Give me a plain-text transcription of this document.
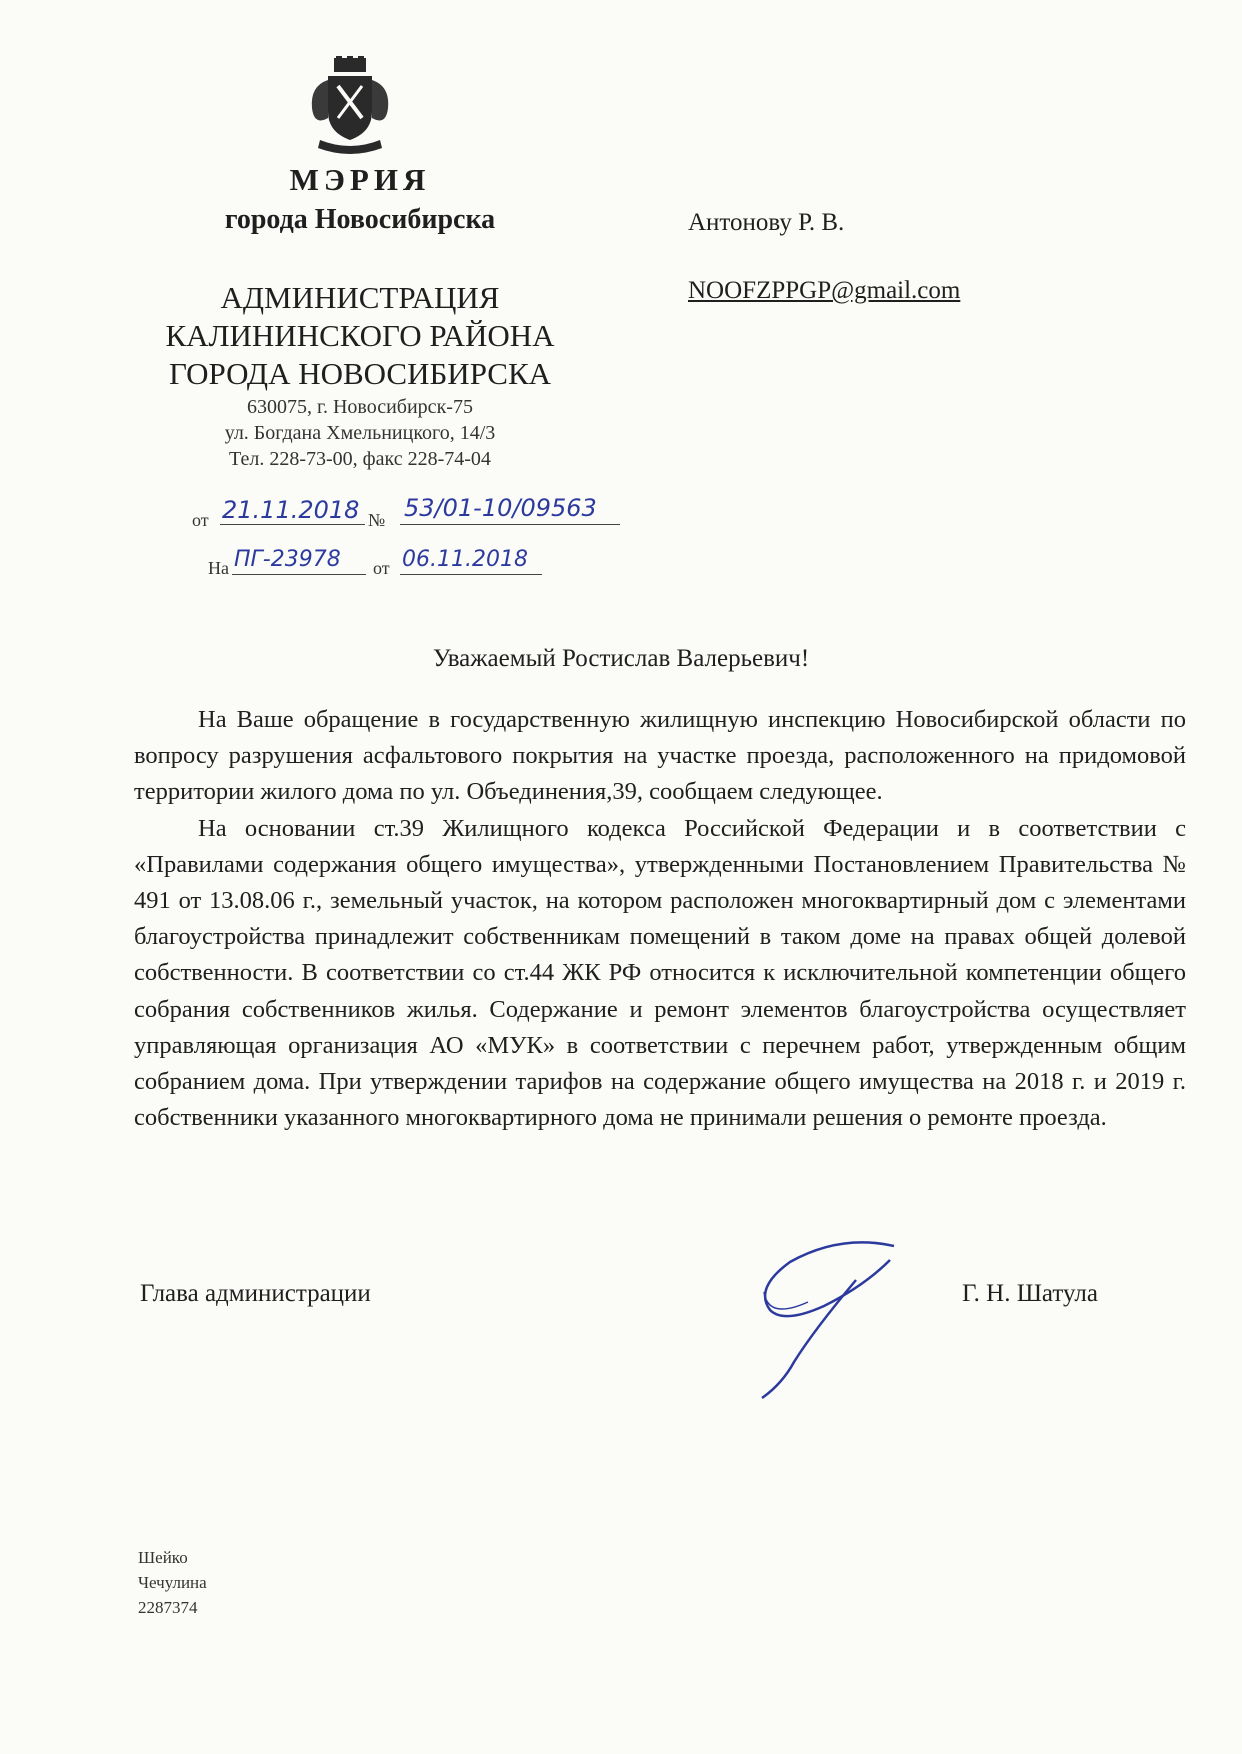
МЭРИЯ
города Новосибирска
АДМИНИСТРАЦИЯ
КАЛИНИНСКОГО РАЙОНА
ГОРОДА НОВОСИБИРСКА
630075, г. Новосибирск-75
ул. Богдана Хмельницкого, 14/3
Тел. 228-73-00, факс 228-74-04
от 21.11.2018 № 53/01-10/09563
На ПГ-23978 от 06.11.2018
Антонову Р. В.
NOOFZPPGP@gmail.com
Уважаемый Ростислав Валерьевич!

На Ваше обращение в государственную жилищную инспекцию Новосибирской области по вопросу разрушения асфальтового покрытия на участке проезда, расположенного на придомовой территории жилого дома по ул. Объединения,39, сообщаем следующее.

На основании ст.39 Жилищного кодекса Российской Федерации и в соответствии с «Правилами содержания общего имущества», утвержденными Постановлением Правительства № 491 от 13.08.06 г., земельный участок, на котором расположен многоквартирный дом с элементами благоустройства принадлежит собственникам помещений в таком доме на правах общей долевой собственности. В соответствии со ст.44 ЖК РФ относится к исключительной компетенции общего собрания собственников жилья. Содержание и ремонт элементов благоустройства осуществляет управляющая организация АО «МУК» в соответствии с перечнем работ, утвержденным общим собранием дома. При утверждении тарифов на содержание общего имущества на 2018 г. и 2019 г. собственники указанного многоквартирного дома не принимали решения о ремонте проезда.

Глава администрации	Г. Н. Шатула
Шейко
Чечулина
2287374
